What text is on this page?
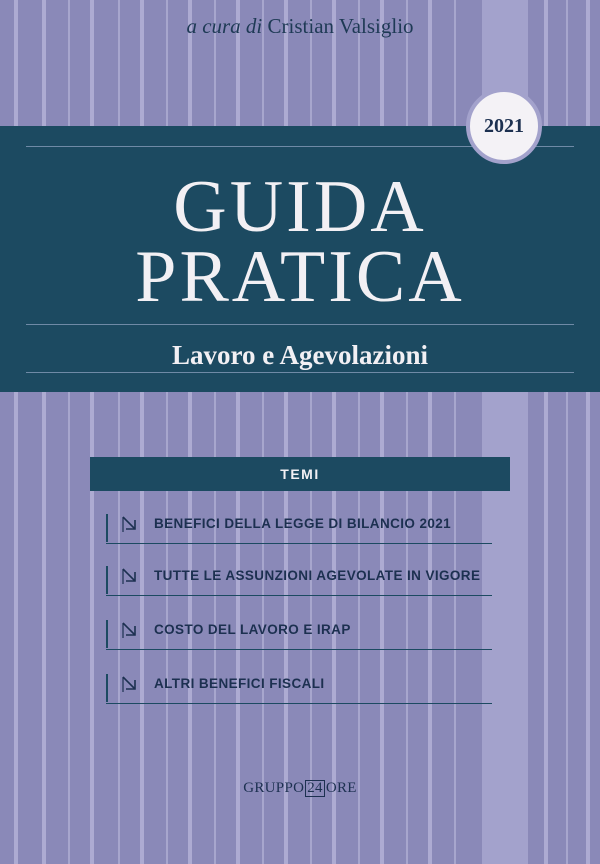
a cura di Cristian Valsiglio
GUIDA
PRATICA
Lavoro e Agevolazioni
2021
TEMI
BENEFICI DELLA LEGGE DI BILANCIO 2021
TUTTE LE ASSUNZIONI AGEVOLATE IN VIGORE
COSTO DEL LAVORO E IRAP
ALTRI BENEFICI FISCALI
GRUPPO 24 ORE
